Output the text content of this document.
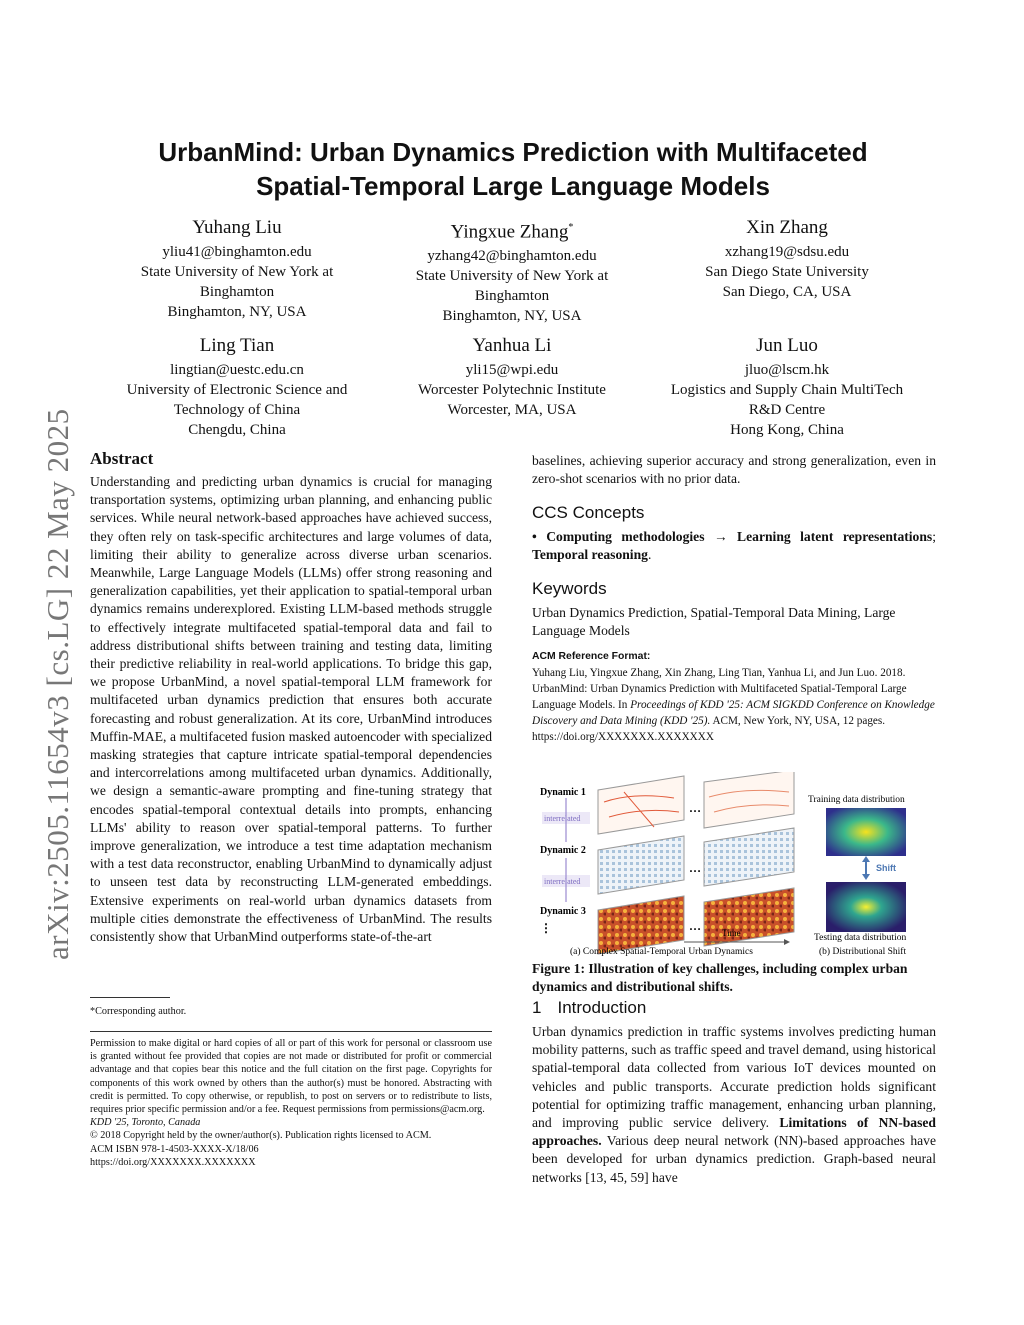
arXiv:2505.11654v3 [cs.LG] 22 May 2025
UrbanMind: Urban Dynamics Prediction with Multifaceted
Spatial-Temporal Large Language Models
Yuhang Liu
yliu41@binghamton.edu
State University of New York at
Binghamton
Binghamton, NY, USA
Yingxue Zhang*
yzhang42@binghamton.edu
State University of New York at
Binghamton
Binghamton, NY, USA
Xin Zhang
xzhang19@sdsu.edu
San Diego State University
San Diego, CA, USA
Ling Tian
lingtian@uestc.edu.cn
University of Electronic Science and
Technology of China
Chengdu, China
Yanhua Li
yli15@wpi.edu
Worcester Polytechnic Institute
Worcester, MA, USA
Jun Luo
jluo@lscm.hk
Logistics and Supply Chain MultiTech
R&D Centre
Hong Kong, China
Abstract
Understanding and predicting urban dynamics is crucial for managing transportation systems, optimizing urban planning, and enhancing public services. While neural network-based approaches have achieved success, they often rely on task-specific architectures and large volumes of data, limiting their ability to generalize across diverse urban scenarios. Meanwhile, Large Language Models (LLMs) offer strong reasoning and generalization capabilities, yet their application to spatial-temporal urban dynamics remains underexplored. Existing LLM-based methods struggle to effectively integrate multifaceted spatial-temporal data and fail to address distributional shifts between training and testing data, limiting their predictive reliability in real-world applications. To bridge this gap, we propose UrbanMind, a novel spatial-temporal LLM framework for multifaceted urban dynamics prediction that ensures both accurate forecasting and robust generalization. At its core, UrbanMind introduces Muffin-MAE, a multifaceted fusion masked autoencoder with specialized masking strategies that capture intricate spatial-temporal dependencies and intercorrelations among multifaceted urban dynamics. Additionally, we design a semantic-aware prompting and fine-tuning strategy that encodes spatial-temporal contextual details into prompts, enhancing LLMs' ability to reason over spatial-temporal patterns. To further improve generalization, we introduce a test time adaptation mechanism with a test data reconstructor, enabling UrbanMind to dynamically adjust to unseen test data by reconstructing LLM-generated embeddings. Extensive experiments on real-world urban dynamics datasets from multiple cities demonstrate the effectiveness of UrbanMind. The results consistently show that UrbanMind outperforms state-of-the-art
*Corresponding author.
Permission to make digital or hard copies of all or part of this work for personal or classroom use is granted without fee provided that copies are not made or distributed for profit or commercial advantage and that copies bear this notice and the full citation on the first page. Copyrights for components of this work owned by others than the author(s) must be honored. Abstracting with credit is permitted. To copy otherwise, or republish, to post on servers or to redistribute to lists, requires prior specific permission and/or a fee. Request permissions from permissions@acm.org.
KDD '25, Toronto, Canada
© 2018 Copyright held by the owner/author(s). Publication rights licensed to ACM.
ACM ISBN 978-1-4503-XXXX-X/18/06
https://doi.org/XXXXXXX.XXXXXXX
baselines, achieving superior accuracy and strong generalization, even in zero-shot scenarios with no prior data.
CCS Concepts
• Computing methodologies → Learning latent representations; Temporal reasoning.
Keywords
Urban Dynamics Prediction, Spatial-Temporal Data Mining, Large Language Models
ACM Reference Format:
Yuhang Liu, Yingxue Zhang, Xin Zhang, Ling Tian, Yanhua Li, and Jun Luo. 2018. UrbanMind: Urban Dynamics Prediction with Multifaceted Spatial-Temporal Large Language Models. In Proceedings of KDD '25: ACM SIGKDD Conference on Knowledge Discovery and Data Mining (KDD '25). ACM, New York, NY, USA, 12 pages. https://doi.org/XXXXXXX.XXXXXXX
Dynamic 1
interrelated
Dynamic 2
interrelated
Dynamic 3
⋮
…
…
… Time
Training data distribution
Shift
Testing data distribution
(a) Complex Spatial-Temporal Urban Dynamics	(b) Distributional Shift
Figure 1: Illustration of key challenges, including complex urban dynamics and distributional shifts.
1 Introduction
Urban dynamics prediction in traffic systems involves predicting human mobility patterns, such as traffic speed and travel demand, using historical spatial-temporal data collected from various IoT devices mounted on vehicles and public transports. Accurate prediction holds significant potential for optimizing traffic management, enhancing urban planning, and improving public service delivery. Limitations of NN-based approaches. Various deep neural network (NN)-based approaches have been developed for urban dynamics prediction. Graph-based neural networks [13, 45, 59] have
